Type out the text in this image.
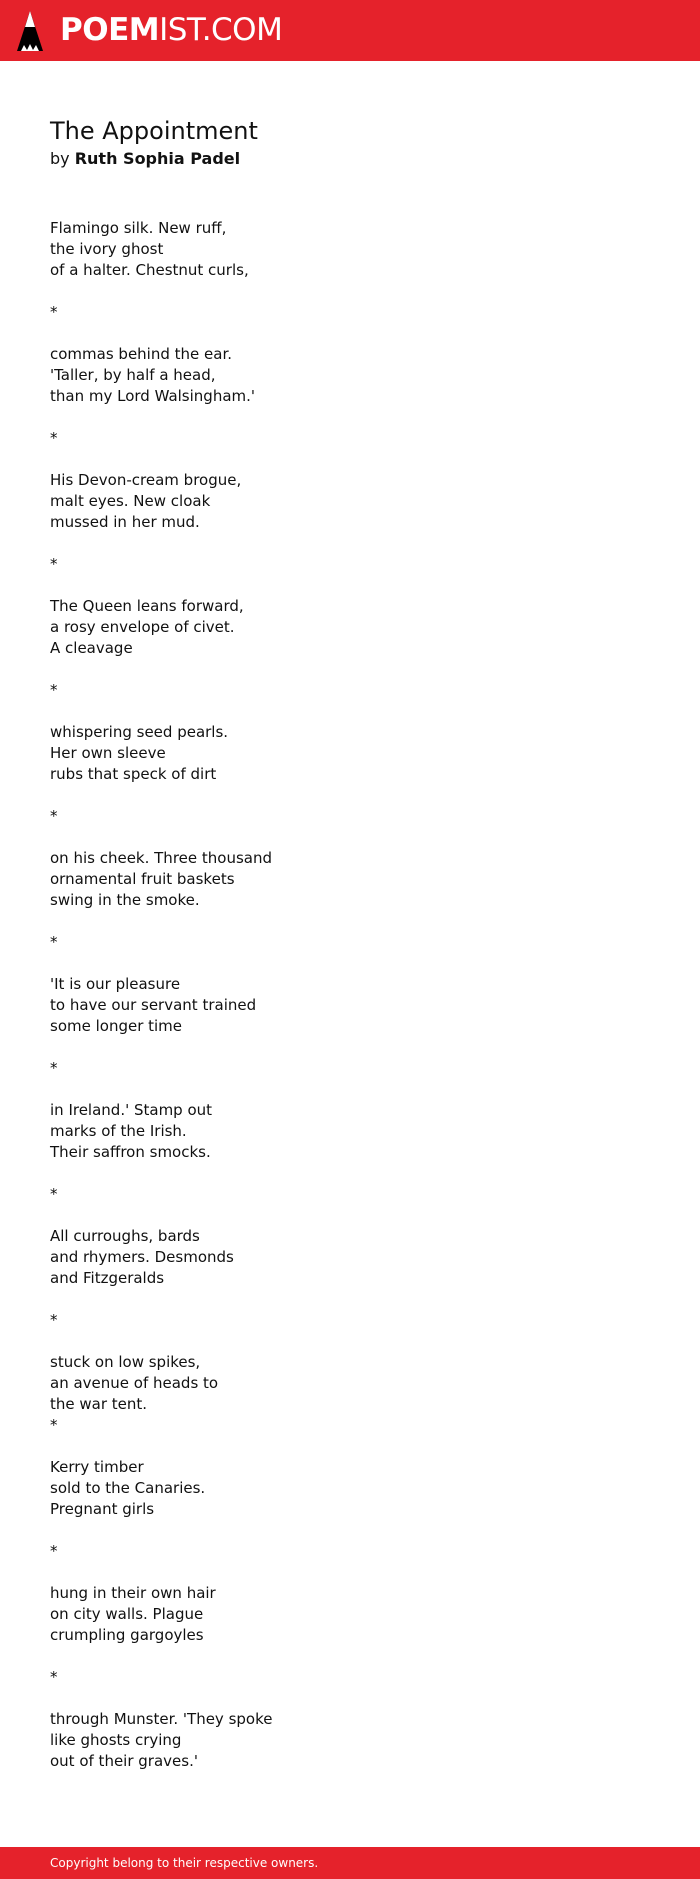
POEMIST.COM
The Appointment
by Ruth Sophia Padel
Flamingo silk. New ruff,
the ivory ghost
of a halter. Chestnut curls,
*
commas behind the ear.
'Taller, by half a head,
than my Lord Walsingham.'
*
His Devon-cream brogue,
malt eyes. New cloak
mussed in her mud.
*
The Queen leans forward,
a rosy envelope of civet.
A cleavage
*
whispering seed pearls.
Her own sleeve
rubs that speck of dirt
*
on his cheek. Three thousand
ornamental fruit baskets
swing in the smoke.
*
'It is our pleasure
to have our servant trained
some longer time
*
in Ireland.' Stamp out
marks of the Irish.
Their saffron smocks.
*
All curroughs, bards
and rhymers. Desmonds
and Fitzgeralds
*
stuck on low spikes,
an avenue of heads to
the war tent.
*
Kerry timber
sold to the Canaries.
Pregnant girls
*
hung in their own hair
on city walls. Plague
crumpling gargoyles
*
through Munster. 'They spoke
like ghosts crying
out of their graves.'
Copyright belong to their respective owners.
